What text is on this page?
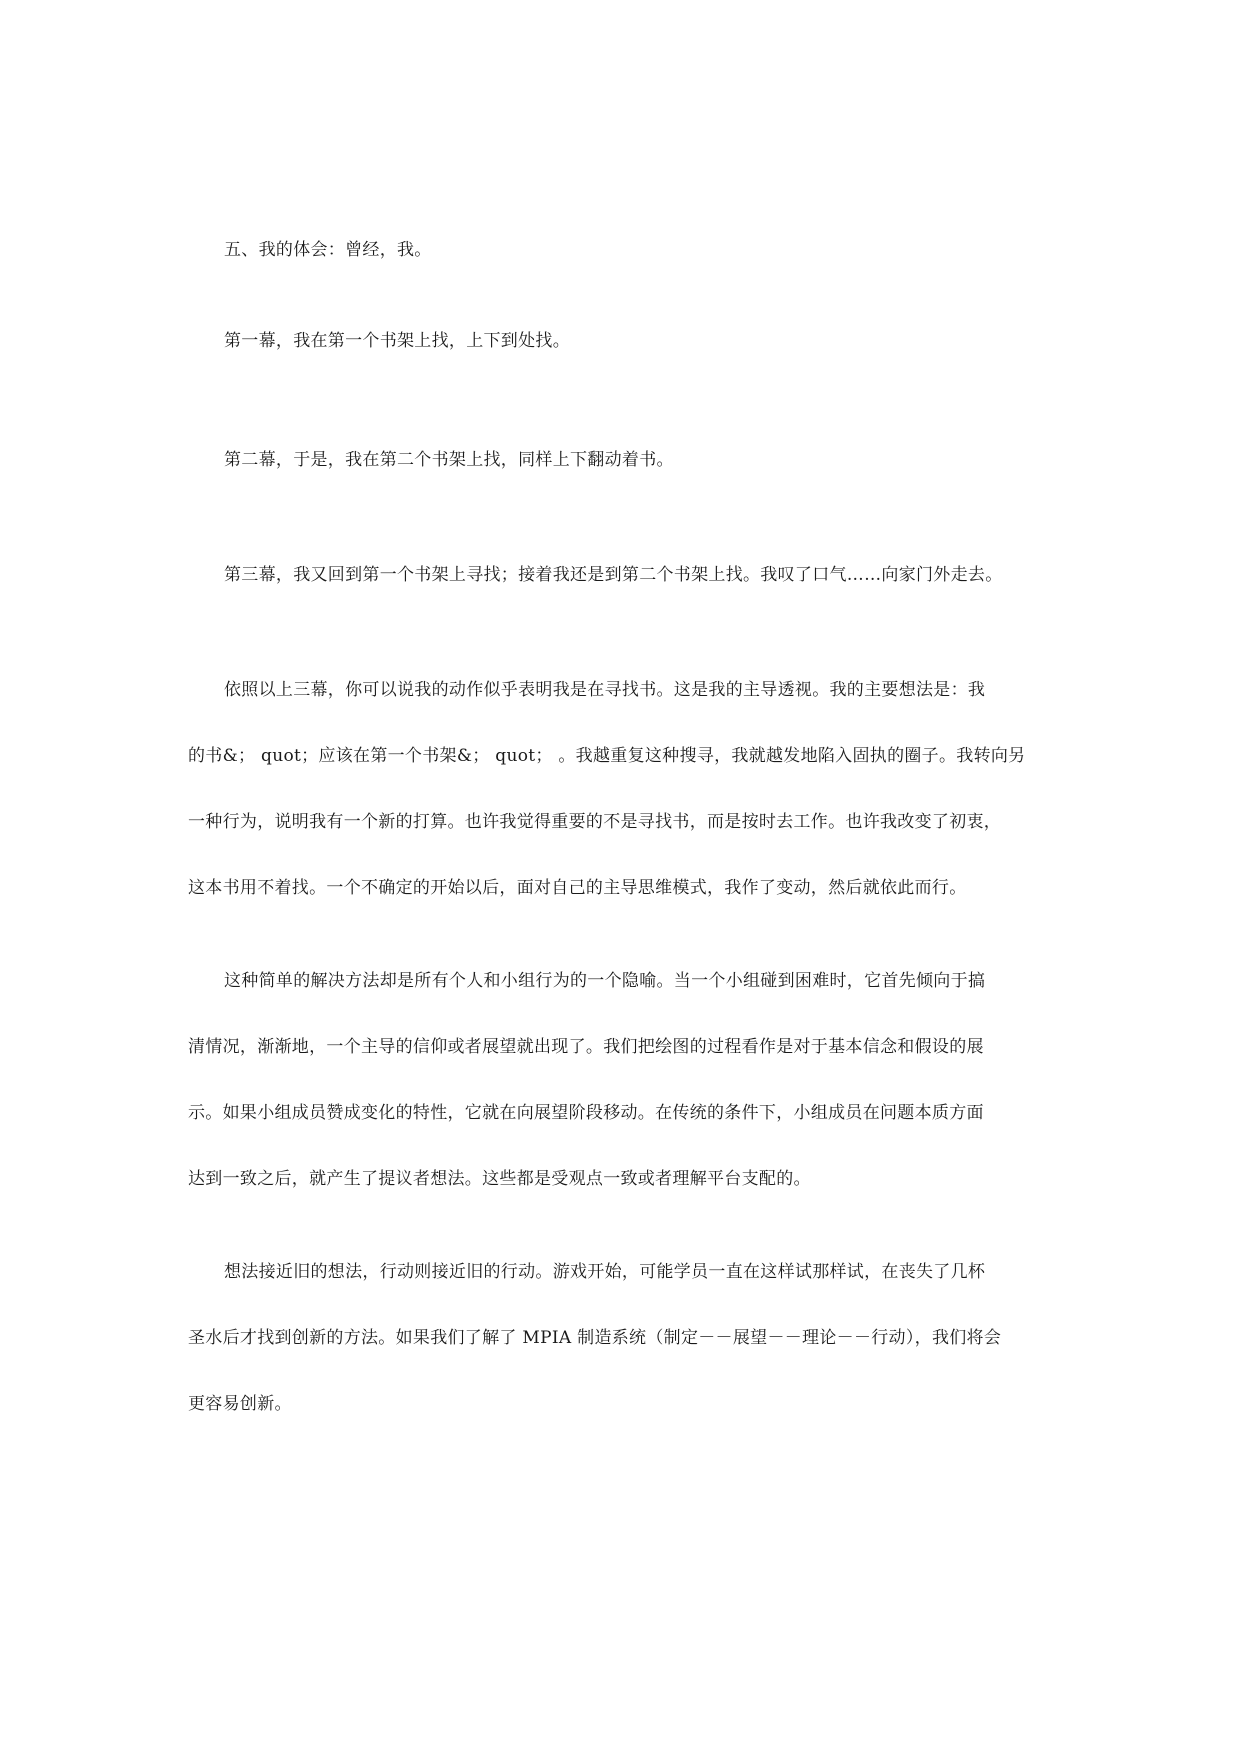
五、我的体会：曾经，我。

第一幕，我在第一个书架上找，上下到处找。

第二幕，于是，我在第二个书架上找，同样上下翻动着书。

第三幕，我又回到第一个书架上寻找；接着我还是到第二个书架上找。我叹了口气……向家门外走去。

依照以上三幕，你可以说我的动作似乎表明我是在寻找书。这是我的主导透视。我的主要想法是：我
的书&； quot；应该在第一个书架&； quot； 。我越重复这种搜寻，我就越发地陷入固执的圈子。我转向另
一种行为，说明我有一个新的打算。也许我觉得重要的不是寻找书，而是按时去工作。也许我改变了初衷，
这本书用不着找。一个不确定的开始以后，面对自己的主导思维模式，我作了变动，然后就依此而行。

这种简单的解决方法却是所有个人和小组行为的一个隐喻。当一个小组碰到困难时，它首先倾向于搞
清情况，渐渐地，一个主导的信仰或者展望就出现了。我们把绘图的过程看作是对于基本信念和假设的展
示。如果小组成员赞成变化的特性，它就在向展望阶段移动。在传统的条件下，小组成员在问题本质方面
达到一致之后，就产生了提议者想法。这些都是受观点一致或者理解平台支配的。

想法接近旧的想法，行动则接近旧的行动。游戏开始，可能学员一直在这样试那样试，在丧失了几杯
圣水后才找到创新的方法。如果我们了解了 MPIA 制造系统（制定－－展望－－理论－－行动），我们将会
更容易创新。
